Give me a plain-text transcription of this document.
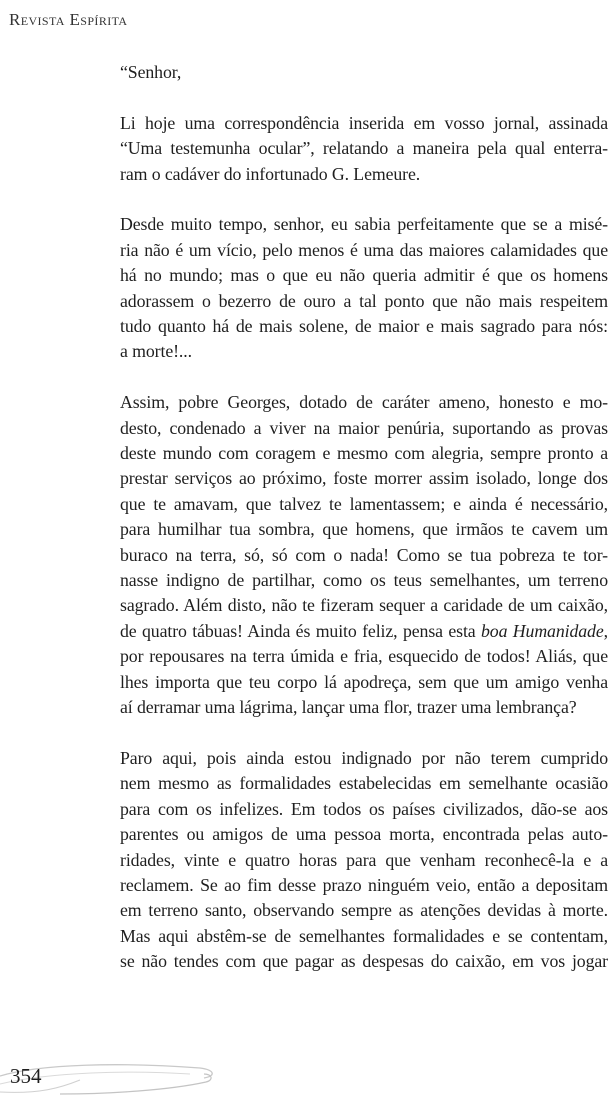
Revista Espírita

“Senhor,

Li hoje uma correspondência inserida em vosso jornal, assinada
“Uma testemunha ocular”, relatando a maneira pela qual enterra-
ram o cadáver do infortunado G. Lemeure.

Desde muito tempo, senhor, eu sabia perfeitamente que se a misé-
ria não é um vício, pelo menos é uma das maiores calamidades que
há no mundo; mas o que eu não queria admitir é que os homens
adorassem o bezerro de ouro a tal ponto que não mais respeitem
tudo quanto há de mais solene, de maior e mais sagrado para nós:
a morte!...

Assim, pobre Georges, dotado de caráter ameno, honesto e mo-
desto, condenado a viver na maior penúria, suportando as provas
deste mundo com coragem e mesmo com alegria, sempre pronto a
prestar serviços ao próximo, foste morrer assim isolado, longe dos
que te amavam, que talvez te lamentassem; e ainda é necessário,
para humilhar tua sombra, que homens, que irmãos te cavem um
buraco na terra, só, só com o nada! Como se tua pobreza te tor-
nasse indigno de partilhar, como os teus semelhantes, um terreno
sagrado. Além disto, não te fizeram sequer a caridade de um caixão,
de quatro tábuas! Ainda és muito feliz, pensa esta boa Humanidade,
por repousares na terra úmida e fria, esquecido de todos! Aliás, que
lhes importa que teu corpo lá apodreça, sem que um amigo venha
aí derramar uma lágrima, lançar uma flor, trazer uma lembrança?

Paro aqui, pois ainda estou indignado por não terem cumprido
nem mesmo as formalidades estabelecidas em semelhante ocasião
para com os infelizes. Em todos os países civilizados, dão-se aos
parentes ou amigos de uma pessoa morta, encontrada pelas auto-
ridades, vinte e quatro horas para que venham reconhecê-la e a
reclamem. Se ao fim desse prazo ninguém veio, então a depositam
em terreno santo, observando sempre as atenções devidas à morte.
Mas aqui abstêm-se de semelhantes formalidades e se contentam,
se não tendes com que pagar as despesas do caixão, em vos jogar

354
